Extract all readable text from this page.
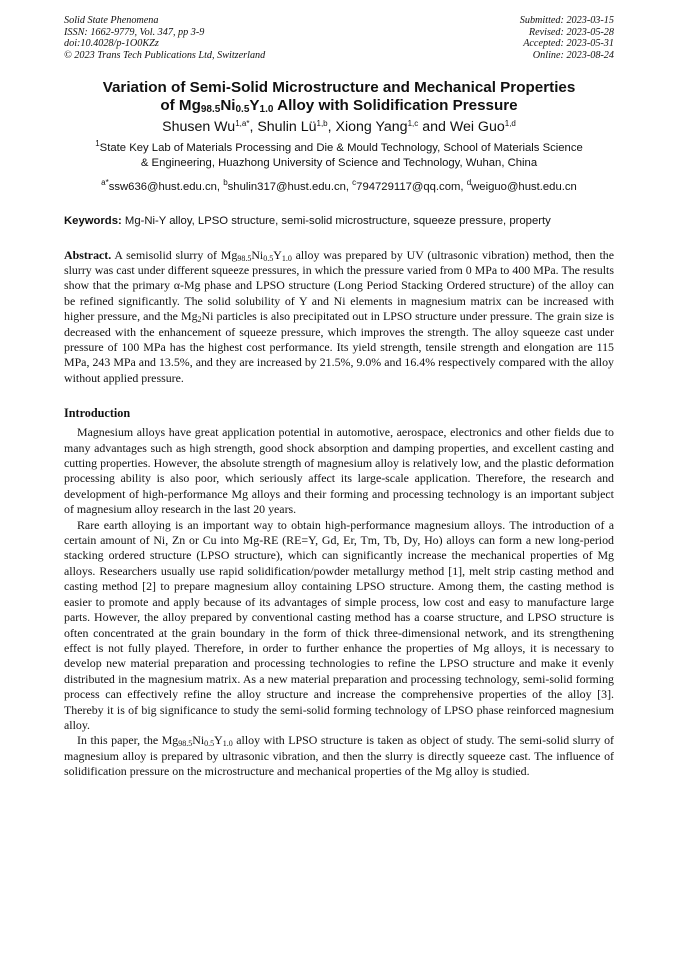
Solid State Phenomena
ISSN: 1662-9779, Vol. 347, pp 3-9
doi:10.4028/p-1O0KZz
© 2023 Trans Tech Publications Ltd, Switzerland
Submitted: 2023-03-15
Revised: 2023-05-28
Accepted: 2023-05-31
Online: 2023-08-24
Variation of Semi-Solid Microstructure and Mechanical Properties
of $Mg_{98.5}Ni_{0.5}Y_{1.0}$ Alloy with Solidification Pressure
Shusen $Wu^{1,a*}$, Shulin Lü$^{1,b}$, Xiong Yang$^{1,c}$ and Wei Guo$^{1,d}$
$^1$State Key Lab of Materials Processing and Die & Mould Technology, School of Materials Science
& Engineering, Huazhong University of Science and Technology, Wuhan, China
$^{a*}$ssw636@hust.edu.cn, $^b$shulin317@hust.edu.cn, $^c$794729117@qq.com, $^d$weiguo@hust.edu.cn
Keywords: Mg-Ni-Y alloy, LPSO structure, semi-solid microstructure, squeeze pressure, property
Abstract. A semisolid slurry of $Mg_{98.5}Ni_{0.5}Y_{1.0}$ alloy was prepared by UV (ultrasonic vibration) method, then the slurry was cast under different squeeze pressures, in which the pressure varied from 0 MPa to 400 MPa. The results show that the primary α-Mg phase and LPSO structure (Long Period Stacking Ordered structure) of the alloy can be refined significantly. The solid solubility of Y and Ni elements in magnesium matrix can be increased with higher pressure, and the $Mg_2Ni$ particles is also precipitated out in LPSO structure under pressure. The grain size is decreased with the enhancement of squeeze pressure, which improves the strength. The alloy squeeze cast under pressure of 100 MPa has the highest cost performance. Its yield strength, tensile strength and elongation are 115 MPa, 243 MPa and 13.5%, and they are increased by 21.5%, 9.0% and 16.4% respectively compared with the alloy without applied pressure.
Introduction
Magnesium alloys have great application potential in automotive, aerospace, electronics and other fields due to many advantages such as high strength, good shock absorption and damping properties, and excellent casting and cutting properties. However, the absolute strength of magnesium alloy is relatively low, and the plastic deformation processing ability is also poor, which seriously affect its large-scale application. Therefore, the research and development of high-performance Mg alloys and their forming and processing technology is an important subject of magnesium alloy research in the last 20 years.
Rare earth alloying is an important way to obtain high-performance magnesium alloys. The introduction of a certain amount of Ni, Zn or Cu into Mg-RE (RE=Y, Gd, Er, Tm, Tb, Dy, Ho) alloys can form a new long-period stacking ordered structure (LPSO structure), which can significantly increase the mechanical properties of Mg alloys. Researchers usually use rapid solidification/powder metallurgy method [1], melt strip casting method and casting method [2] to prepare magnesium alloy containing LPSO structure. Among them, the casting method is easier to promote and apply because of its advantages of simple process, low cost and easy to manufacture large parts. However, the alloy prepared by conventional casting method has a coarse structure, and LPSO structure is often concentrated at the grain boundary in the form of thick three-dimensional network, and its strengthening effect is not fully played. Therefore, in order to further enhance the properties of Mg alloys, it is necessary to develop new material preparation and processing technologies to refine the LPSO structure and make it evenly distributed in the magnesium matrix. As a new material preparation and processing technology, semi-solid forming process can effectively refine the alloy structure and increase the comprehensive properties of the alloy [3]. Thereby it is of big significance to study the semi-solid forming technology of LPSO phase reinforced magnesium alloy.
In this paper, the $Mg_{98.5}Ni_{0.5}Y_{1.0}$ alloy with LPSO structure is taken as object of study. The semi-solid slurry of magnesium alloy is prepared by ultrasonic vibration, and then the slurry is directly squeeze cast. The influence of solidification pressure on the microstructure and mechanical properties of the Mg alloy is studied.
